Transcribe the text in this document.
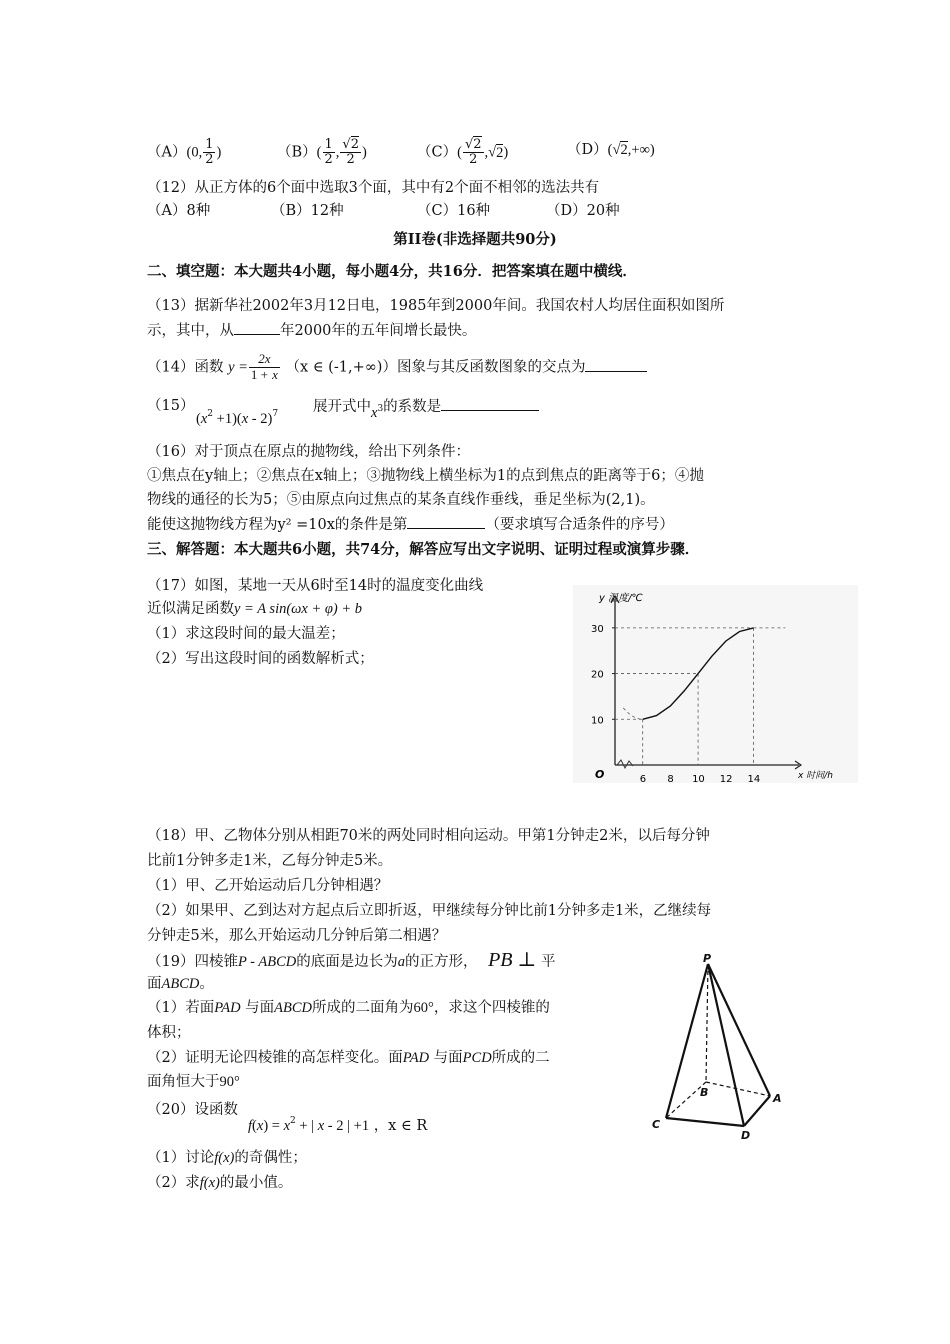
（A）(0, $\frac{1}{2}$ )	$(B)( \frac{1}{2}$ , $\frac{√2}{2}$ )	$(C)( \frac{√2}{2} ,√2)$	（D）(√2,+∞)
（12）从正方体的6个面中选取3个面，其中有2个面不相邻的选法共有
（A）8种	（B）12种	（C）16种	（D）20种
第II卷(非选择题共90分)
二、填空题：本大题共4小题，每小题4分，共16分．把答案填在题中横线．
（13）据新华社2002年3月12日电，1985年到2000年间。我国农村人均居住面积如图所
示，其中，从	年2000年的五年间增长最快。
（14）函数 $y = \frac{2x}{1 + x} (x$ ∈ (-1,+∞)）图象与其反函数图象的交点为
（15）
$(x^2 +1)(x - 2)^7$ 展开式中x3的系数是
（16）对于顶点在原点的抛物线，给出下列条件：
①焦点在y轴上；②焦点在x轴上；③抛物线上横坐标为1的点到焦点的距离等于6；④抛
物线的通径的长为5；⑤由原点向过焦点的某条直线作垂线，垂足坐标为(2,1)。
能使这抛物线方程为y² =10x的条件是第	（要求填写合适条件的序号）
三、解答题：本大题共6小题，共74分，解答应写出文字说明、证明过程或演算步骤．
（17）如图，某地一天从6时至14时的温度变化曲线
近似满足函数y = A sin(ωx + φ) + b
（1）求这段时间的最大温差；
（2）写出这段时间的函数解析式；
O
y 温度/℃
x 时间/h
6 8 10 12 14
10
20
30
（18）甲、乙物体分别从相距70米的两处同时相向运动。甲第1分钟走2米，以后每分钟
比前1分钟多走1米，乙每分钟走5米。
（1）甲、乙开始运动后几分钟相遇？
（2）如果甲、乙到达对方起点后立即折返，甲继续每分钟比前1分钟多走1米，乙继续每
分钟走5米，那么开始运动几分钟后第二相遇？
（19）四棱锥P - ABCD的底面是边长为a的正方形， PB ⊥ 平
面ABCD。
（1）若面PAD 与面ABCD所成的二面角为60°，求这个四棱锥的
体积；
（2）证明无论四棱锥的高怎样变化。面PAD 与面PCD所成的二
面角恒大于90°
P
B	A
C
D
（20）设函数
$f(x) = x^2$ + | x - 2 | +1 ，x ∈ R
（1）讨论f(x)的奇偶性；
（2）求f(x)的最小值。
